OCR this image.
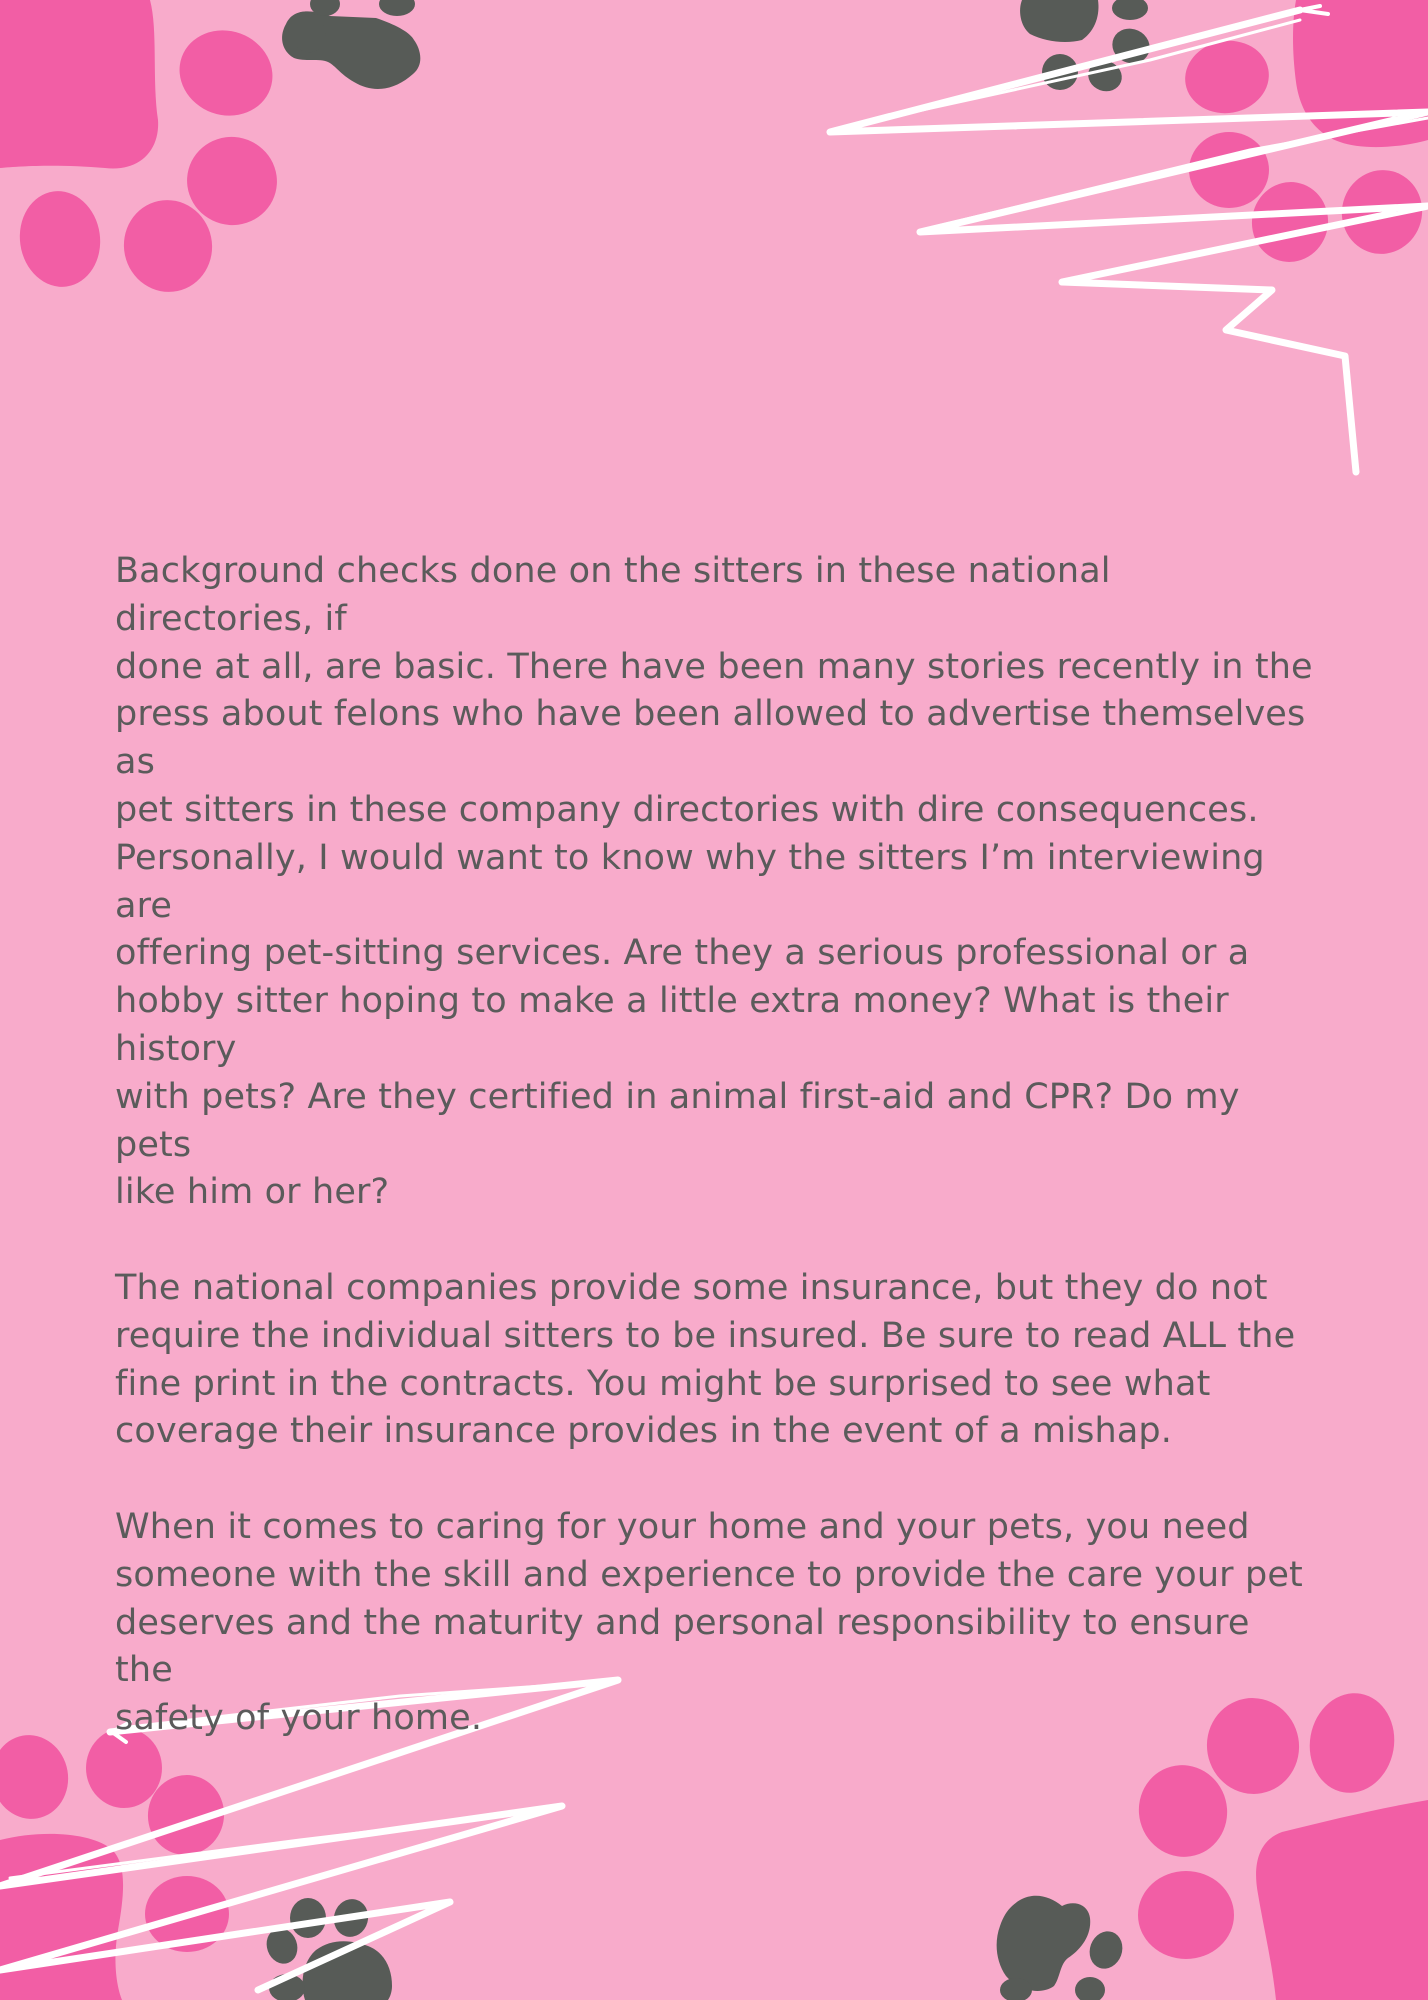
Background checks done on the sitters in these national directories, if
done at all, are basic. There have been many stories recently in the
press about felons who have been allowed to advertise themselves as
pet sitters in these company directories with dire consequences.
Personally, I would want to know why the sitters I’m interviewing are
offering pet-sitting services. Are they a serious professional or a
hobby sitter hoping to make a little extra money? What is their history
with pets? Are they certified in animal first-aid and CPR? Do my pets
like him or her?

The national companies provide some insurance, but they do not
require the individual sitters to be insured. Be sure to read ALL the
fine print in the contracts. You might be surprised to see what
coverage their insurance provides in the event of a mishap.

When it comes to caring for your home and your pets, you need
someone with the skill and experience to provide the care your pet
deserves and the maturity and personal responsibility to ensure the
safety of your home.
